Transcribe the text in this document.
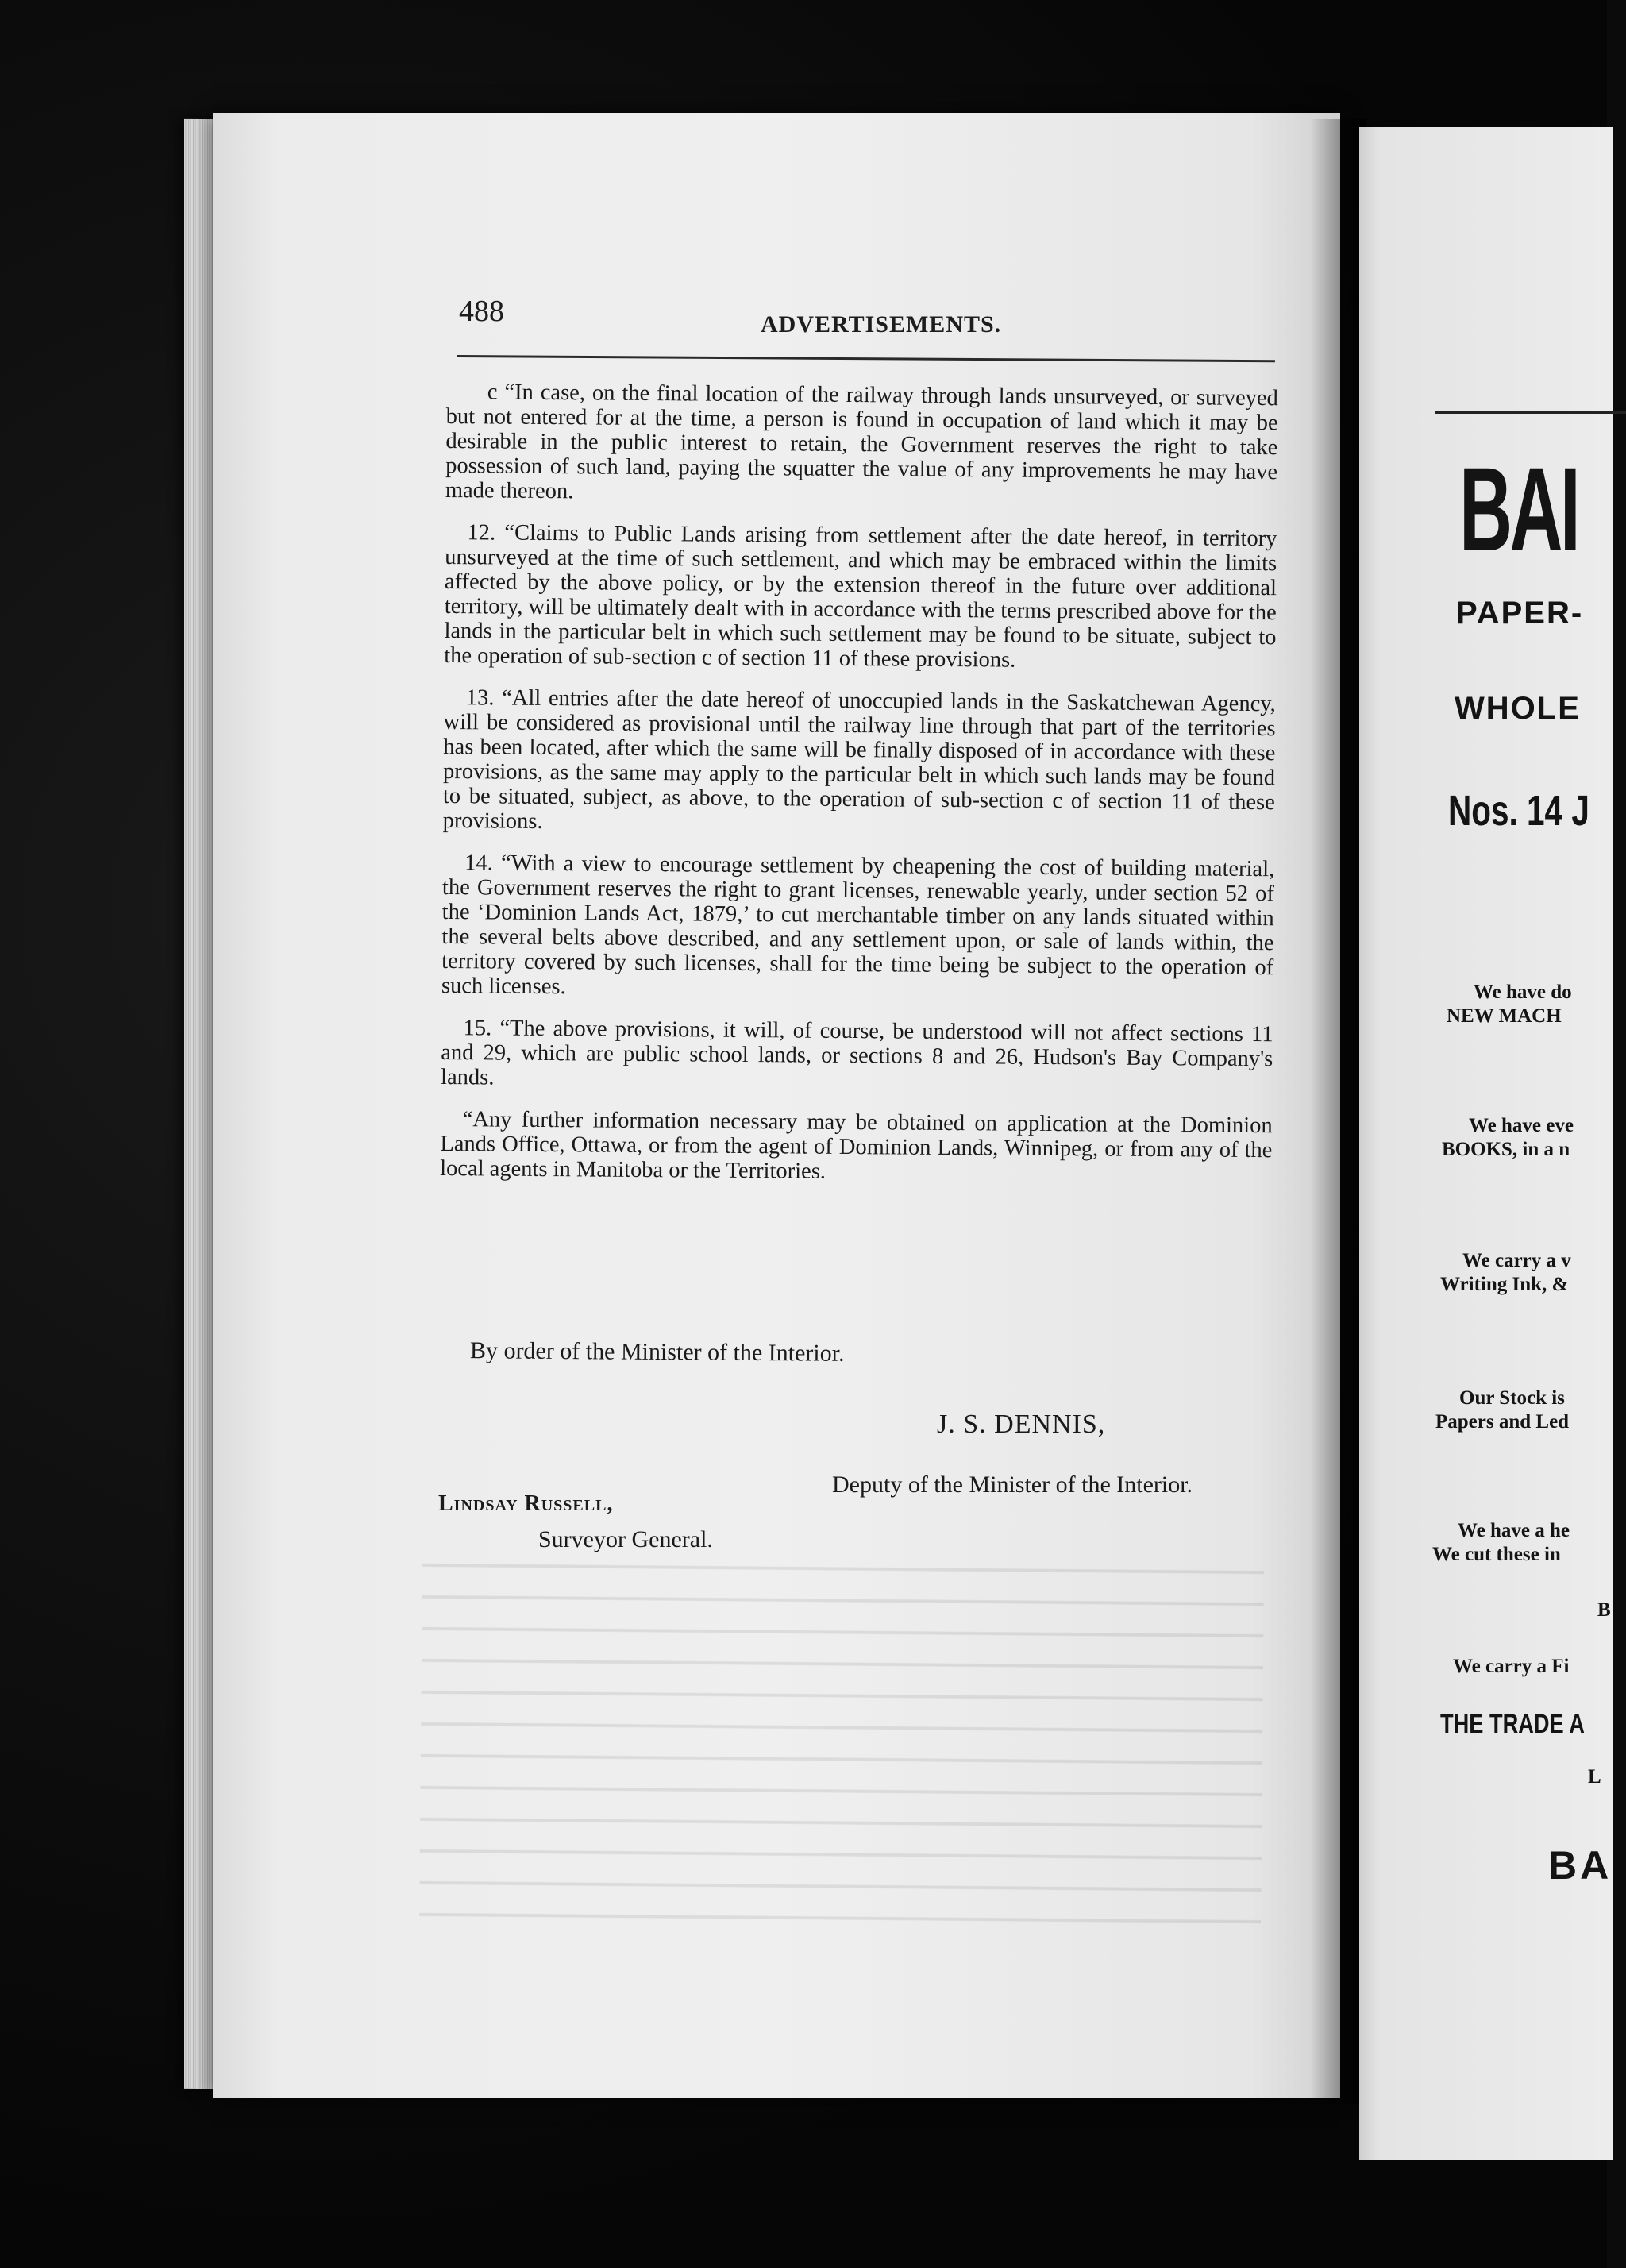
488	ADVERTISEMENTS.

c “In case, on the final location of the railway through lands unsurveyed, or surveyed but not entered for at the time, a person is found in occupation of land which it may be desirable in the public interest to retain, the Government reserves the right to take possession of such land, paying the squatter the value of any improvements he may have made thereon.

12. “Claims to Public Lands arising from settlement after the date hereof, in territory unsurveyed at the time of such settlement, and which may be embraced within the limits affected by the above policy, or by the extension thereof in the future over additional territory, will be ultimately dealt with in accordance with the terms prescribed above for the lands in the particular belt in which such settlement may be found to be situate, subject to the operation of sub-section c of section 11 of these provisions.

13. “All entries after the date hereof of unoccupied lands in the Saskatchewan Agency, will be considered as provisional until the railway line through that part of the territories has been located, after which the same will be finally disposed of in accordance with these provisions, as the same may apply to the particular belt in which such lands may be found to be situated, subject, as above, to the operation of sub-section c of section 11 of these provisions.

14. “With a view to encourage settlement by cheapening the cost of building material, the Government reserves the right to grant licenses, renewable yearly, under section 52 of the ‘Dominion Lands Act, 1879,’ to cut merchantable timber on any lands situated within the several belts above described, and any settlement upon, or sale of lands within, the territory covered by such licenses, shall for the time being be subject to the operation of such licenses.

15. “The above provisions, it will, of course, be understood will not affect sections 11 and 29, which are public school lands, or sections 8 and 26, Hudson's Bay Company's lands.

“Any further information necessary may be obtained on application at the Dominion Lands Office, Ottawa, or from the agent of Dominion Lands, Winnipeg, or from any of the local agents in Manitoba or the Territories.

By order of the Minister of the Interior.
J. S. DENNIS,
Deputy of the Minister of the Interior.
Lindsay Russell,
Surveyor General.
BAI
PAPER-
WHOLE
Nos. 14 J
We have do
NEW MACH
We have eve
BOOKS, in a n
We carry a v
Writing Ink, &
Our Stock is
Papers and Led
We have a he
We cut these in
B
We carry a Fi
THE TRADE A
L
BA
